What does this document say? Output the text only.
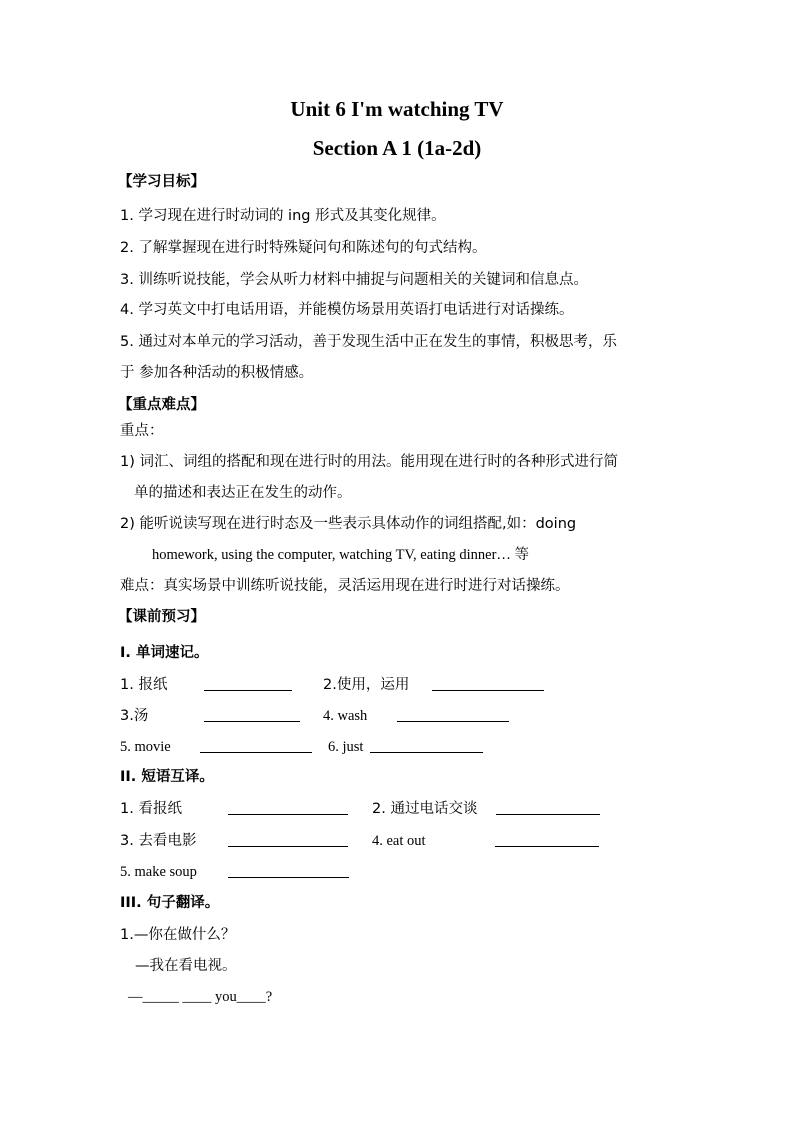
Unit 6 I'm watching TV
Section A 1 (1a-2d)
【学习目标】
1. 学习现在进行时动词的 ing 形式及其变化规律。
2. 了解掌握现在进行时特殊疑问句和陈述句的句式结构。
3. 训练听说技能，学会从听力材料中捕捉与问题相关的关键词和信息点。
4. 学习英文中打电话用语，并能模仿场景用英语打电话进行对话操练。
5. 通过对本单元的学习活动，善于发现生活中正在发生的事情，积极思考，乐
于 参加各种活动的积极情感。
【重点难点】
重点：
1) 词汇、词组的搭配和现在进行时的用法。能用现在进行时的各种形式进行简
单的描述和表达正在发生的动作。
2) 能听说读写现在进行时态及一些表示具体动作的词组搭配,如：doing
homework, using the computer, watching TV, eating dinner… 等
难点：真实场景中训练听说技能，灵活运用现在进行时进行对话操练。
【课前预习】
I. 单词速记。
1. 报纸	2.使用，运用
3.汤	4. wash
5. movie	6. just
II. 短语互译。
1. 看报纸	2. 通过电话交谈
3. 去看电影	4. eat out
5. make soup
III. 句子翻译。
1.—你在做什么？
—我在看电视。
—_____ ____ you____?
